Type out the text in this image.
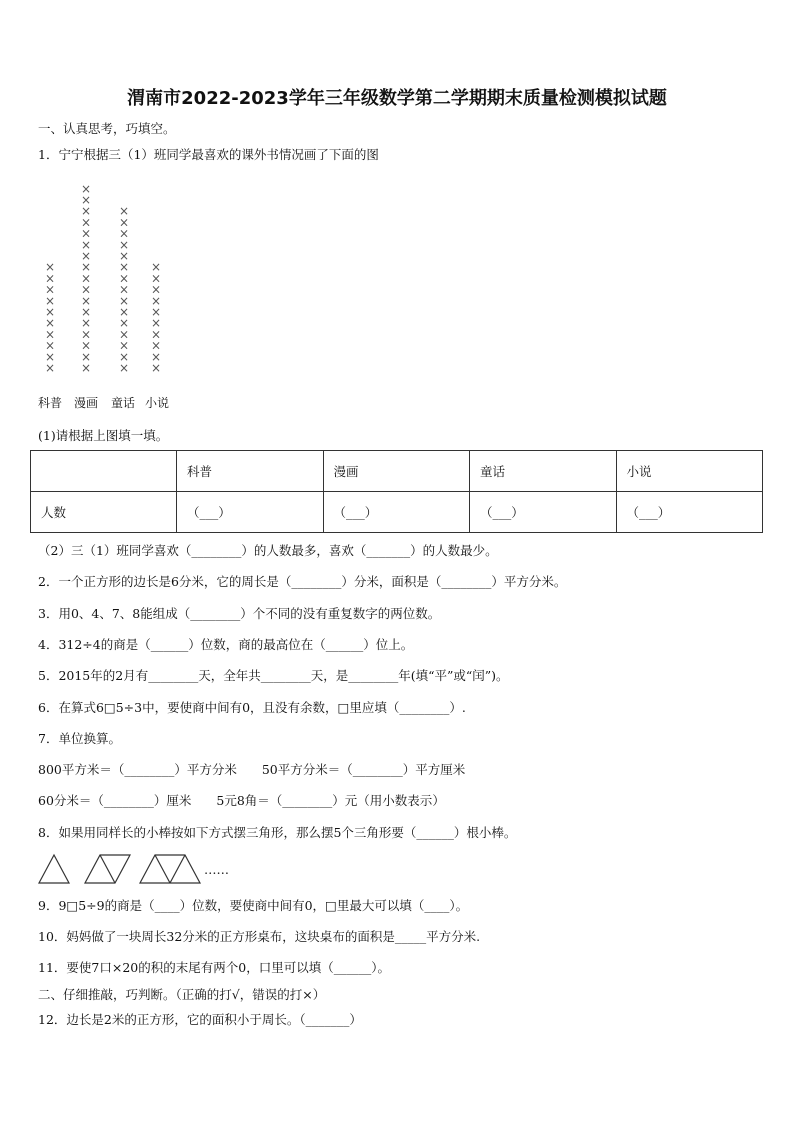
渭南市2022-2023学年三年级数学第二学期期末质量检测模拟试题
一、认真思考，巧填空。
1．宁宁根据三（1）班同学最喜欢的课外书情况画了下面的图
×
×
×
×
×
×
×
×
×
×
×
×
×
×
×
×
×
×
×
×
×
×
×
×
×
×
×
×
×
×
×
×
×
×
×
×
×
×
×
×
×
×
×
×
×
×
×
×
×
×
×
×
科普 漫画 童话 小说
(1)请根据上图填一填。
	科普	漫画	童话	小说
人数	（___）	（___）	（___）	（___）
（2）三（1）班同学喜欢（________）的人数最多，喜欢（_______）的人数最少。
2．一个正方形的边长是6分米，它的周长是（________）分米，面积是（________）平方分米。
3．用0、4、7、8能组成（________）个不同的没有重复数字的两位数。
4．312÷4的商是（______）位数，商的最高位在（______）位上。
5．2015年的2月有________天，全年共________天，是________年(填“平”或“闰”)。
6．在算式6□5÷3中，要使商中间有0，且没有余数，□里应填（________）.
7．单位换算。
800平方米＝（________）平方分米　　50平方分米＝（________）平方厘米
60分米＝（________）厘米　　5元8角＝（________）元（用小数表示）
8．如果用同样长的小棒按如下方式摆三角形，那么摆5个三角形要（______）根小棒。
……
9．9□5÷9的商是（____）位数，要使商中间有0，□里最大可以填（____）。
10．妈妈做了一块周长32分米的正方形桌布，这块桌布的面积是_____平方分米.
11．要使7口×20的积的末尾有两个0，口里可以填（______）。
二、仔细推敲，巧判断。（正确的打√，错误的打×）
12．边长是2米的正方形，它的面积小于周长。（_______）
